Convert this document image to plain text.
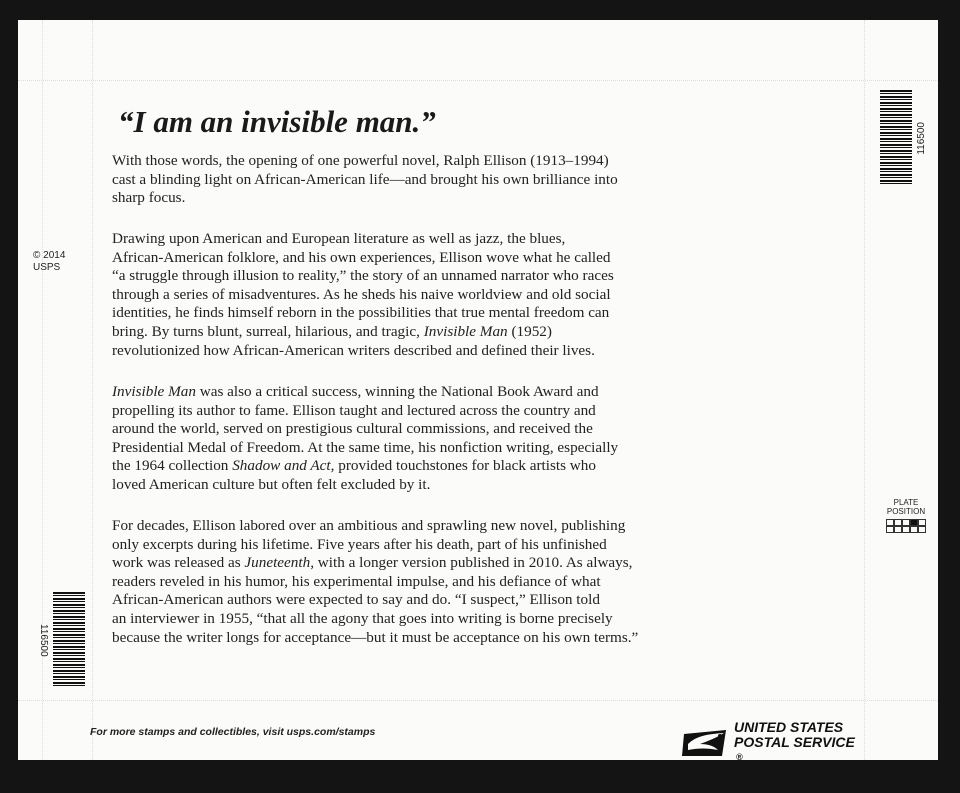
“I am an invisible man.”

With those words, the opening of one powerful novel, Ralph Ellison (1913–1994)
cast a blinding light on African-American life—and brought his own brilliance into
sharp focus.

Drawing upon American and European literature as well as jazz, the blues,
African-American folklore, and his own experiences, Ellison wove what he called
“a struggle through illusion to reality,” the story of an unnamed narrator who races
through a series of misadventures. As he sheds his naive worldview and old social
identities, he finds himself reborn in the possibilities that true mental freedom can
bring. By turns blunt, surreal, hilarious, and tragic, Invisible Man (1952)
revolutionized how African-American writers described and defined their lives.

Invisible Man was also a critical success, winning the National Book Award and
propelling its author to fame. Ellison taught and lectured across the country and
around the world, served on prestigious cultural commissions, and received the
Presidential Medal of Freedom. At the same time, his nonfiction writing, especially
the 1964 collection Shadow and Act, provided touchstones for black artists who
loved American culture but often felt excluded by it.

For decades, Ellison labored over an ambitious and sprawling new novel, publishing
only excerpts during his lifetime. Five years after his death, part of his unfinished
work was released as Juneteenth, with a longer version published in 2010. As always,
readers reveled in his humor, his experimental impulse, and his defiance of what
African-American authors were expected to say and do. “I suspect,” Ellison told
an interviewer in 1955, “that all the agony that goes into writing is borne precisely
because the writer longs for acceptance—but it must be acceptance on his own terms.”

© 2014
USPS
116500
116500
PLATE
POSITION
For more stamps and collectibles, visit usps.com/stamps	UNITED STATES
POSTAL SERVICE
®
